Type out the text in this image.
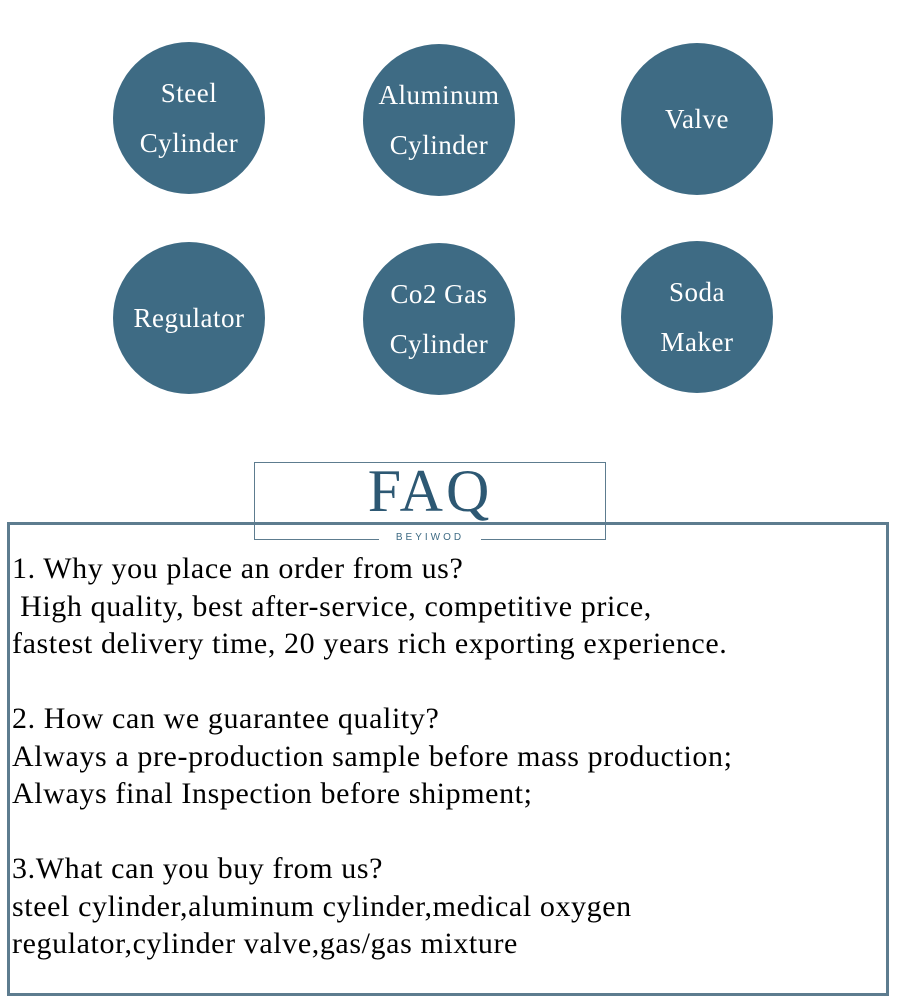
Steel
Cylinder
Aluminum
Cylinder
Valve
Regulator
Co2 Gas
Cylinder
Soda
Maker
FAQ
BEYIWOD
1. Why you place an order from us?
High quality, best after-service, competitive price,
fastest delivery time, 20 years rich exporting experience.
2. How can we guarantee quality?
Always a pre-production sample before mass production;
Always final Inspection before shipment;
3.What can you buy from us?
steel cylinder,aluminum cylinder,medical oxygen
regulator,cylinder valve,gas/gas mixture
